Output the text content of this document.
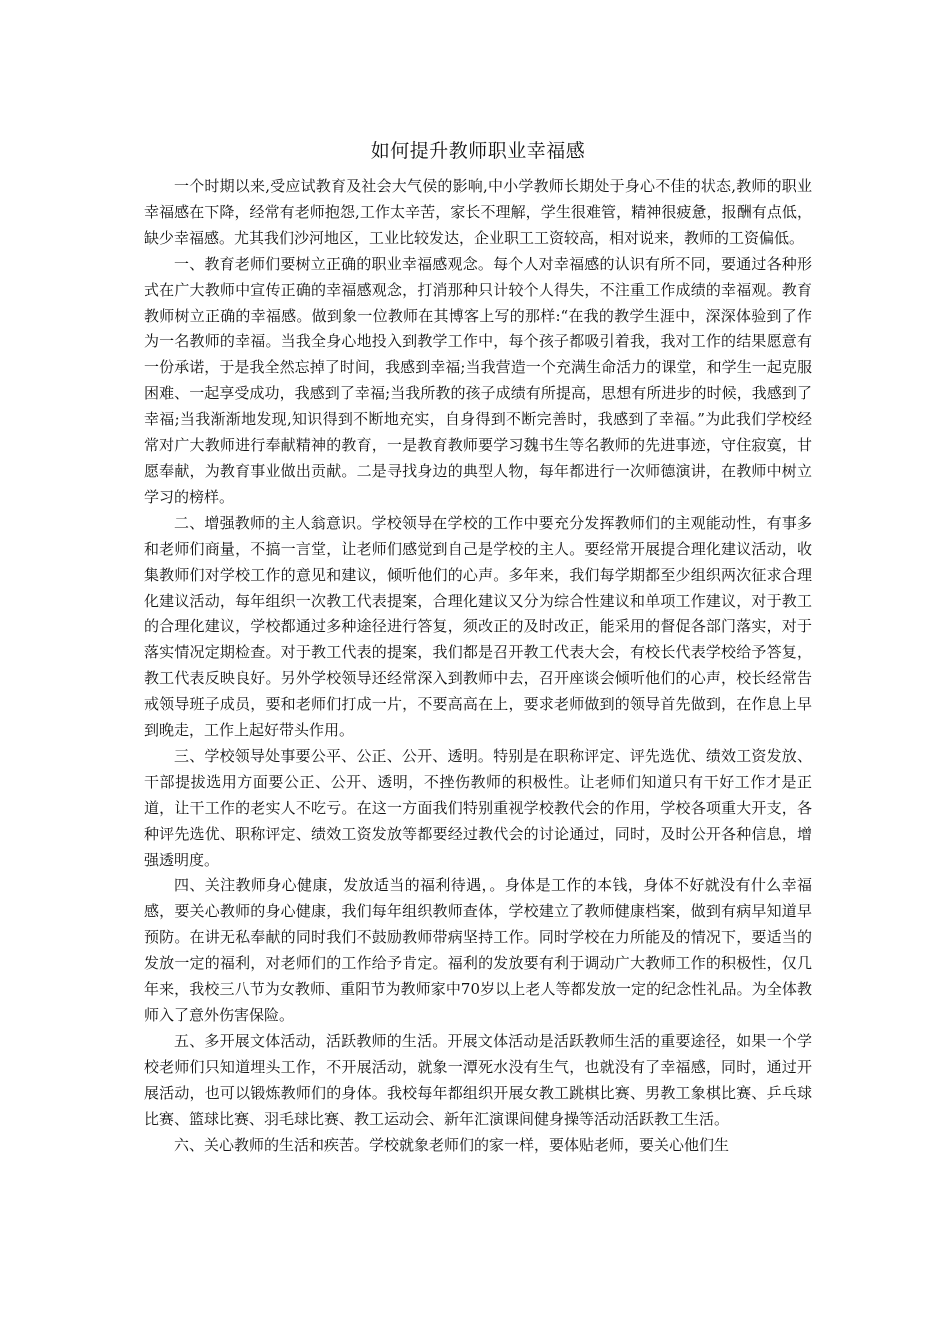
如何提升教师职业幸福感

一个时期以来,受应试教育及社会大气侯的影响,中小学教师长期处于身心不佳的状态,教师的职业幸福感在下降，经常有老师抱怨,工作太辛苦，家长不理解，学生很难管，精神很疲惫，报酬有点低，缺少幸福感。尤其我们沙河地区，工业比较发达，企业职工工资较高，相对说来，教师的工资偏低。

一、教育老师们要树立正确的职业幸福感观念。每个人对幸福感的认识有所不同，要通过各种形式在广大教师中宣传正确的幸福感观念，打消那种只计较个人得失，不注重工作成绩的幸福观。教育教师树立正确的幸福感。做到象一位教师在其博客上写的那样:“在我的教学生涯中，深深体验到了作为一名教师的幸福。当我全身心地投入到教学工作中，每个孩子都吸引着我，我对工作的结果愿意有一份承诺，于是我全然忘掉了时间，我感到幸福;当我营造一个充满生命活力的课堂，和学生一起克服困难、一起享受成功，我感到了幸福;当我所教的孩子成绩有所提高，思想有所进步的时候，我感到了幸福;当我渐渐地发现,知识得到不断地充实，自身得到不断完善时，我感到了幸福。”为此我们学校经常对广大教师进行奉献精神的教育，一是教育教师要学习魏书生等名教师的先进事迹，守住寂寞，甘愿奉献，为教育事业做出贡献。二是寻找身边的典型人物，每年都进行一次师德演讲，在教师中树立学习的榜样。

二、增强教师的主人翁意识。学校领导在学校的工作中要充分发挥教师们的主观能动性，有事多和老师们商量，不搞一言堂，让老师们感觉到自己是学校的主人。要经常开展提合理化建议活动，收集教师们对学校工作的意见和建议，倾听他们的心声。多年来，我们每学期都至少组织两次征求合理化建议活动，每年组织一次教工代表提案，合理化建议又分为综合性建议和单项工作建议，对于教工的合理化建议，学校都通过多种途径进行答复，须改正的及时改正，能采用的督促各部门落实，对于落实情况定期检查。对于教工代表的提案，我们都是召开教工代表大会，有校长代表学校给予答复，教工代表反映良好。另外学校领导还经常深入到教师中去，召开座谈会倾听他们的心声，校长经常告戒领导班子成员，要和老师们打成一片，不要高高在上，要求老师做到的领导首先做到，在作息上早到晚走，工作上起好带头作用。

三、学校领导处事要公平、公正、公开、透明。特别是在职称评定、评先选优、绩效工资发放、干部提拔选用方面要公正、公开、透明，不挫伤教师的积极性。让老师们知道只有干好工作才是正道，让干工作的老实人不吃亏。在这一方面我们特别重视学校教代会的作用，学校各项重大开支，各种评先选优、职称评定、绩效工资发放等都要经过教代会的讨论通过，同时，及时公开各种信息，增强透明度。

四、关注教师身心健康，发放适当的福利待遇，。身体是工作的本钱，身体不好就没有什么幸福感，要关心教师的身心健康，我们每年组织教师查体，学校建立了教师健康档案，做到有病早知道早预防。在讲无私奉献的同时我们不鼓励教师带病坚持工作。同时学校在力所能及的情况下，要适当的发放一定的福利，对老师们的工作给予肯定。福利的发放要有利于调动广大教师工作的积极性，仅几年来，我校三八节为女教师、重阳节为教师家中70岁以上老人等都发放一定的纪念性礼品。为全体教师入了意外伤害保险。

五、多开展文体活动，活跃教师的生活。开展文体活动是活跃教师生活的重要途径，如果一个学校老师们只知道埋头工作，不开展活动，就象一潭死水没有生气，也就没有了幸福感，同时，通过开展活动，也可以锻炼教师们的身体。我校每年都组织开展女教工跳棋比赛、男教工象棋比赛、乒乓球比赛、篮球比赛、羽毛球比赛、教工运动会、新年汇演课间健身操等活动活跃教工生活。

六、关心教师的生活和疾苦。学校就象老师们的家一样，要体贴老师，要关心他们生
